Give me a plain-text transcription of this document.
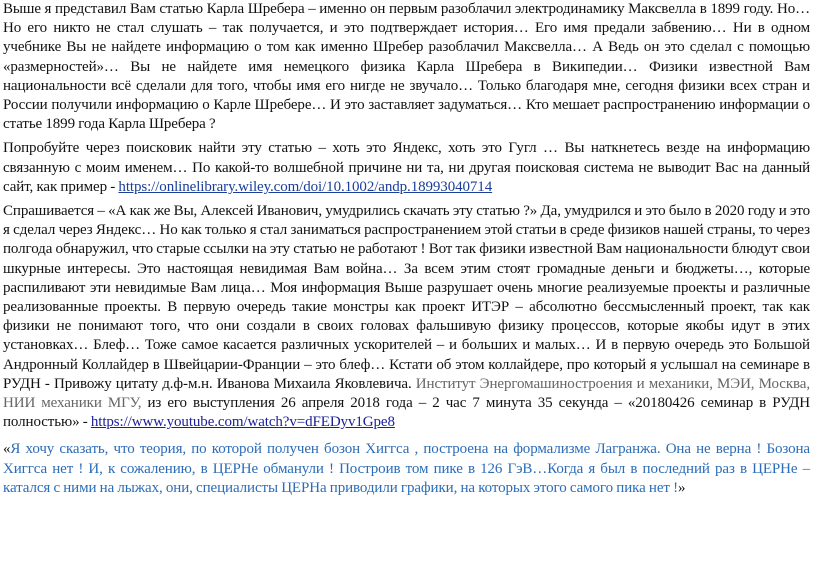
Выше я представил Вам статью Карла Шребера – именно он первым разоблачил электродинамику Максвелла в 1899 году. Но… Но его никто не стал слушать – так получается, и это подтверждает история… Его имя предали забвению… Ни в одном учебнике Вы не найдете информацию о том как именно Шребер разоблачил Максвелла… А Ведь он это сделал с помощью «размерностей»… Вы не найдете имя немецкого физика Карла Шребера в Википедии… Физики известной Вам национальности всё сделали для того, чтобы имя его нигде не звучало… Только благодаря мне, сегодня физики всех стран и России получили информацию о Карле Шребере… И это заставляет задуматься… Кто мешает распространению информации о статье 1899 года Карла Шребера ?

Попробуйте через поисковик найти эту статью – хоть это Яндекс, хоть это Гугл … Вы наткнетесь везде на информацию связанную с моим именем… По какой-то волшебной причине ни та, ни другая поисковая система не выводит Вас на данный сайт, как пример - https://onlinelibrary.wiley.com/doi/10.1002/andp.18993040714

Спрашивается – «А как же Вы, Алексей Иванович, умудрились скачать эту статью ?» Да, умудрился и это было в 2020 году и это я сделал через Яндекс… Но как только я стал заниматься распространением этой статьи в среде физиков нашей страны, то через полгода обнаружил, что старые ссылки на эту статью не работают ! Вот так физики известной Вам национальности блюдут свои шкурные интересы. Это настоящая невидимая Вам война… За всем этим стоят громадные деньги и бюджеты…, которые распиливают эти невидимые Вам лица… Моя информация Выше разрушает очень многие реализуемые проекты и различные реализованные проекты. В первую очередь такие монстры как проект ИТЭР – абсолютно бессмысленный проект, так как физики не понимают того, что они создали в своих головах фальшивую физику процессов, которые якобы идут в этих установках… Блеф… Тоже самое касается различных ускорителей – и больших и малых… И в первую очередь это Большой Андронный Коллайдер в Швейцарии-Франции – это блеф… Кстати об этом коллайдере, про который я услышал на семинаре в РУДН - Привожу цитату д.ф-м.н. Иванова Михаила Яковлевича. Институт Энергомашиностроения и механики, МЭИ, Москва, НИИ механики МГУ, из его выступления 26 апреля 2018 года – 2 час 7 минута 35 секунда – «20180426 семинар в РУДН полностью» - https://www.youtube.com/watch?v=dFEDyv1Gpe8

«Я хочу сказать, что теория, по которой получен бозон Хиггса , построена на формализме Лагранжа. Она не верна ! Бозона Хиггса нет ! И, к сожалению, в ЦЕРНе обманули ! Построив том пике в 126 ГэВ…Когда я был в последний раз в ЦЕРНе – катался с ними на лыжах, они, специалисты ЦЕРНа приводили графики, на которых этого самого пика нет !»
